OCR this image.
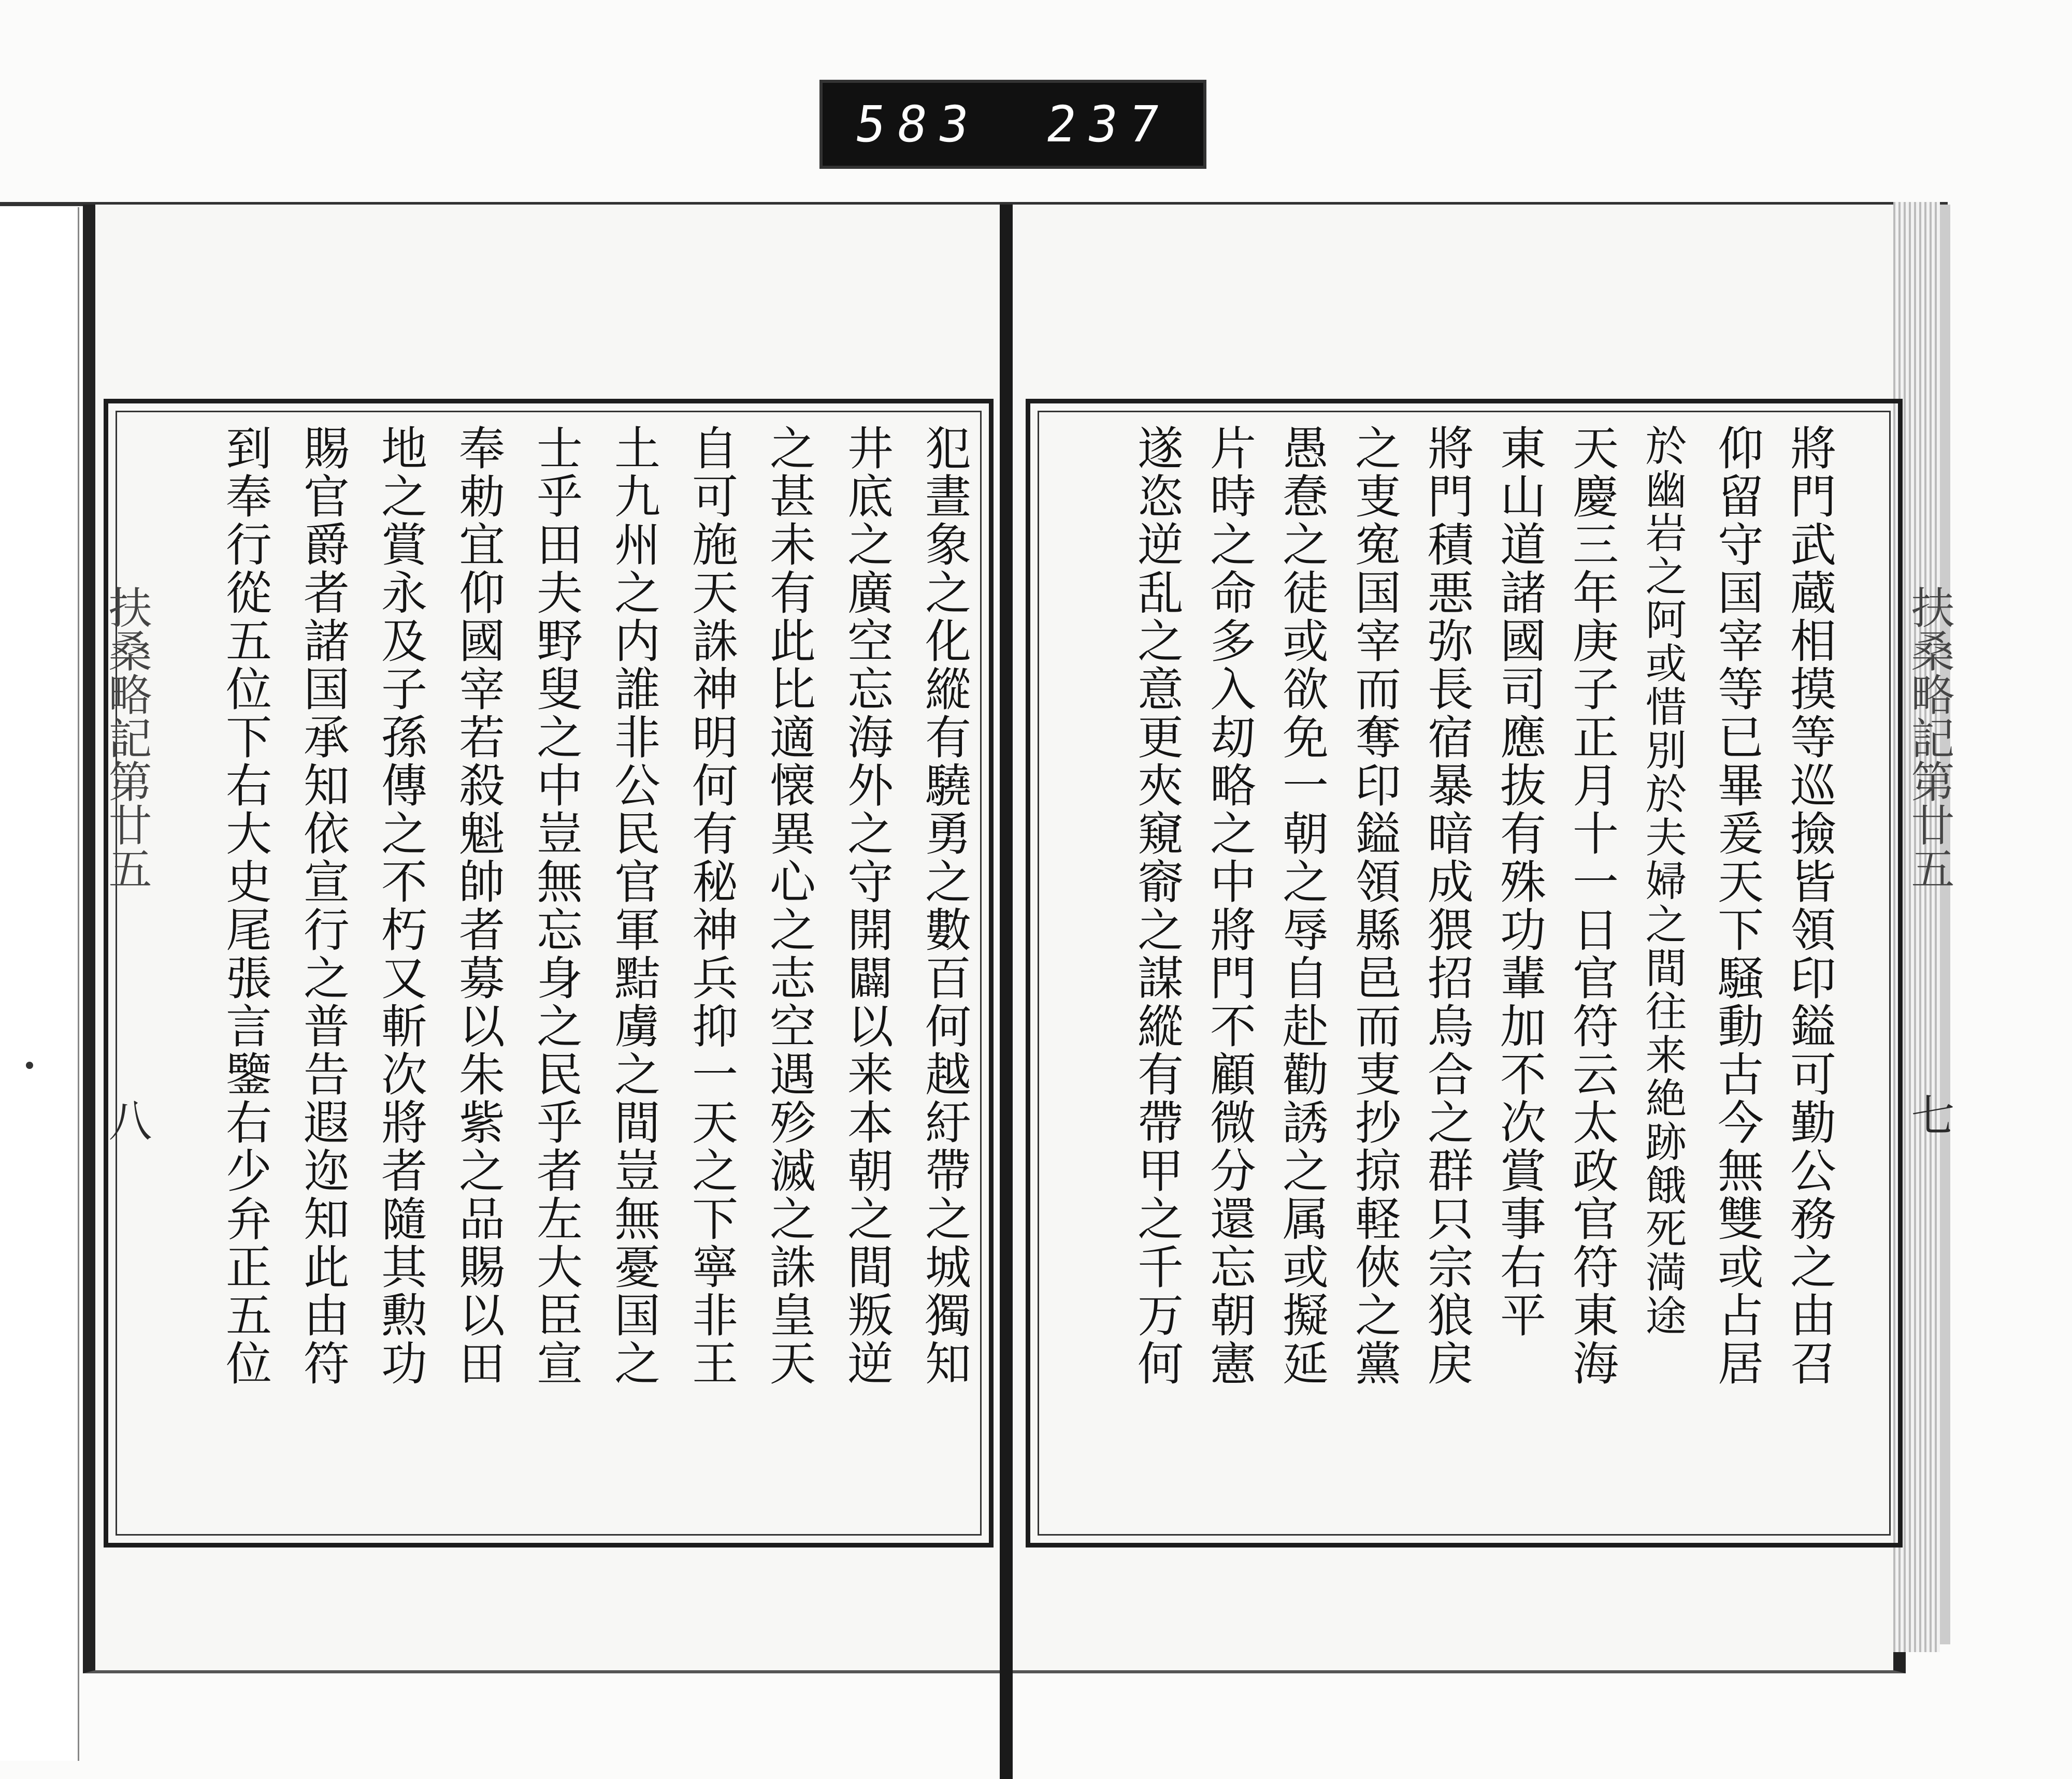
583 237
犯晝象之化縱有驍勇之數百何越紆帶之城獨知
井底之廣空忘海外之守開闢以来本朝之間叛逆
之甚未有此比適懐異心之志空遇殄滅之誅皇天
自可施天誅神明何有秘神兵抑一天之下寧非王
土九州之内誰非公民官軍黠虜之間豈無憂国之
士乎田夫野叟之中豈無忘身之民乎者左大臣宣
奉勅宜仰國宰若殺魁帥者募以朱紫之品賜以田
地之賞永及子孫傳之不朽又斬次將者隨其勲功
賜官爵者諸国承知依宣行之普告遐迩知此由符
到奉行從五位下右大史尾張言鑒右少弁正五位
扶桑略記第廿五
八	將門武蔵相摸等巡撿皆領印鎰可勤公務之由召
仰留守国宰等已畢爰天下騒動古今無雙或占居
於幽岩之阿或惜別於夫婦之間往来絶跡餓死満途
天慶三年庚子正月十一日官符云太政官符東海
東山道諸國司應抜有殊功輩加不次賞事右平
將門積悪弥長宿暴暗成猥招烏合之群只宗狼戻
之叓寃国宰而奪印鎰領縣邑而叓抄掠軽俠之黨
愚惷之徒或欲免一朝之辱自赴勸誘之属或擬延
片時之命多入刧略之中將門不顧微分還忘朝憲
遂恣逆乱之意更夾窺窬之謀縱有帶甲之千万何	扶桑略記第廿五
七
